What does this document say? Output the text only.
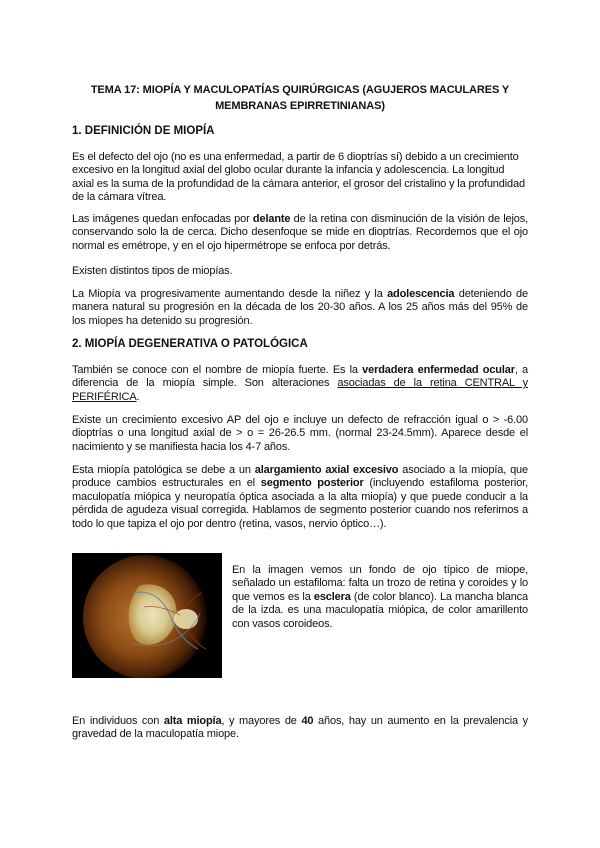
TEMA 17: MIOPÍA Y MACULOPATÍAS QUIRÚRGICAS (AGUJEROS MACULARES Y
MEMBRANAS EPIRRETINIANAS)
1. DEFINICIÓN DE MIOPÍA

Es el defecto del ojo (no es una enfermedad, a partir de 6 dioptrías sí) debido a un crecimiento excesivo en la longitud axial del globo ocular durante la infancia y adolescencia. La longitud axial es la suma de la profundidad de la cámara anterior, el grosor del cristalino y la profundidad de la cámara vítrea.

Las imágenes quedan enfocadas por delante de la retina con disminución de la visión de lejos, conservando solo la de cerca. Dicho desenfoque se mide en dioptrías. Recordemos que el ojo normal es emétrope, y en el ojo hipermétrope se enfoca por detrás.

Existen distintos tipos de miopías.

La Miopía va progresivamente aumentando desde la niñez y la adolescencia deteniendo de manera natural su progresión en la década de los 20-30 años. A los 25 años más del 95% de los miopes ha detenido su progresión.

2. MIOPÍA DEGENERATIVA O PATOLÓGICA

También se conoce con el nombre de miopía fuerte. Es la verdadera enfermedad ocular, a diferencia de la miopía simple. Son alteraciones asociadas de la retina CENTRAL y PERIFÉRICA.

Existe un crecimiento excesivo AP del ojo e incluye un defecto de refracción igual o > -6.00 dioptrías o una longitud axial de > o = 26-26.5 mm. (normal 23-24.5mm). Aparece desde el nacimiento y se manifiesta hacia los 4-7 años.

Esta miopía patológica se debe a un alargamiento axial excesivo asociado a la miopía, que produce cambios estructurales en el segmento posterior (incluyendo estafiloma posterior, maculopatía miópica y neuropatía óptica asociada a la alta miopía) y que puede conducir a la pérdida de agudeza visual corregida. Hablamos de segmento posterior cuando nos referimos a todo lo que tapiza el ojo por dentro (retina, vasos, nervio óptico…).

En la imagen vemos un fondo de ojo típico de miope, señalado un estafiloma: falta un trozo de retina y coroides y lo que vemos es la esclera (de color blanco). La mancha blanca de la izda. es una maculopatía miópica, de color amarillento con vasos coroideos.

En individuos con alta miopía, y mayores de 40 años, hay un aumento en la prevalencia y gravedad de la maculopatía miope.
